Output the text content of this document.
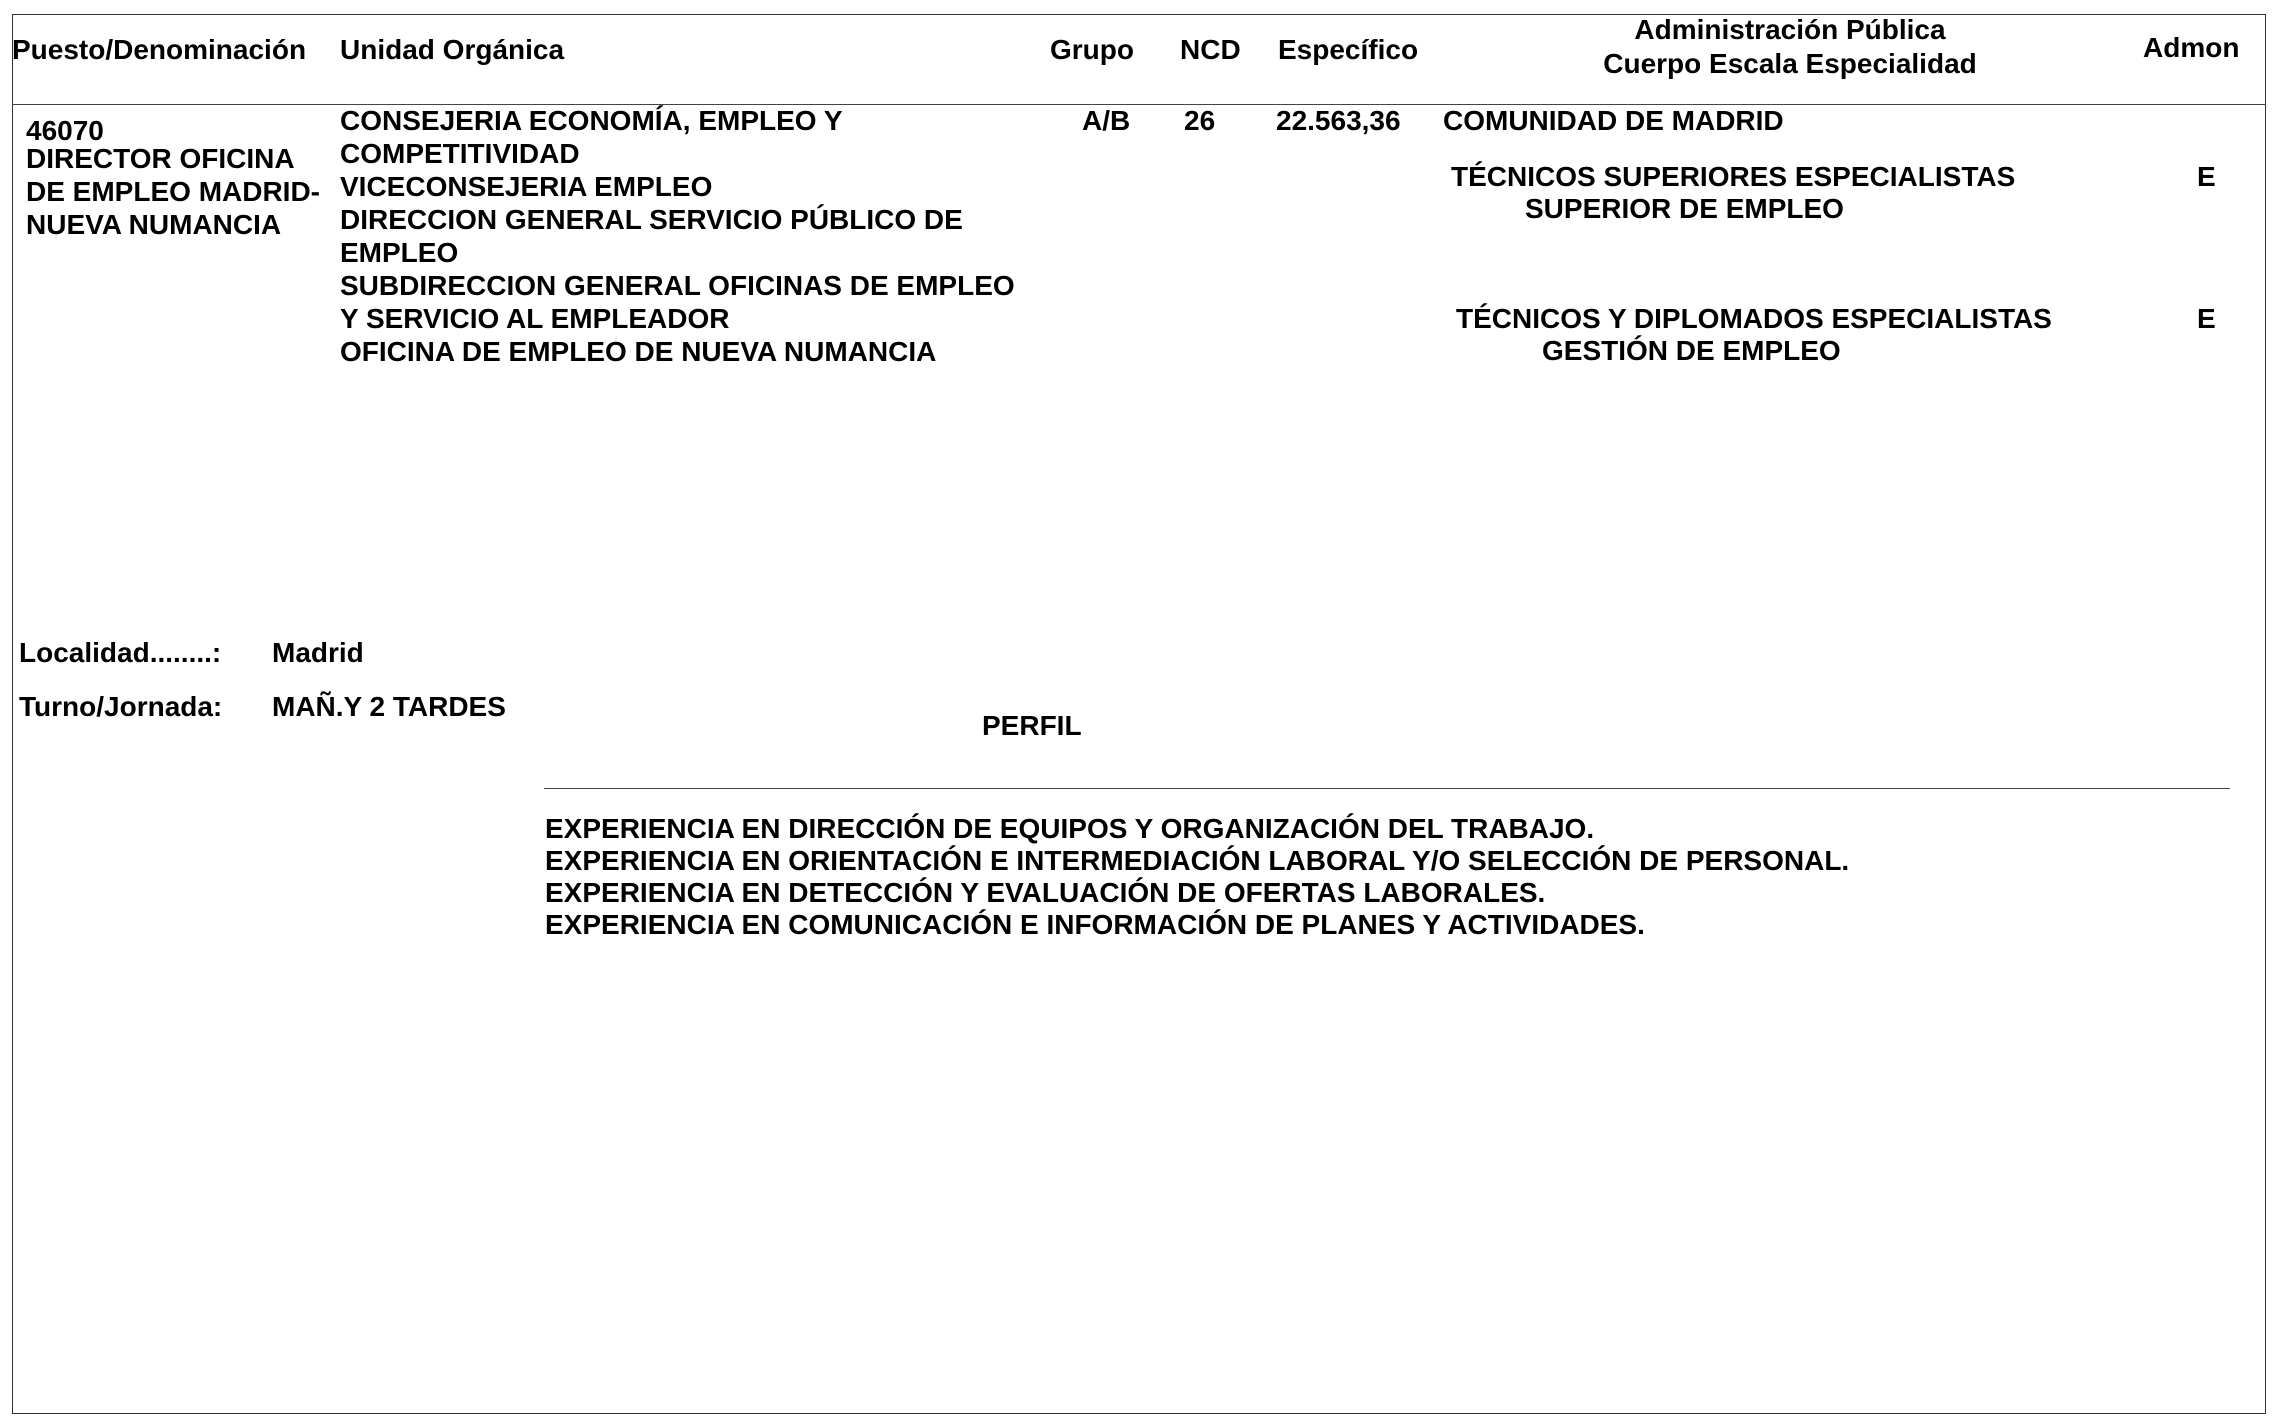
Puesto/Denominación Unidad Orgánica	Grupo NCD Específico
Administración Pública
Cuerpo Escala Especialidad
Admon
46070
DIRECTOR OFICINA
DE EMPLEO MADRID-
NUEVA NUMANCIA
CONSEJERIA ECONOMÍA, EMPLEO Y
COMPETITIVIDAD
VICECONSEJERIA EMPLEO
DIRECCION GENERAL SERVICIO PÚBLICO DE
EMPLEO
SUBDIRECCION GENERAL OFICINAS DE EMPLEO
Y SERVICIO AL EMPLEADOR
OFICINA DE EMPLEO DE NUEVA NUMANCIA
A/B 26 22.563,36 COMUNIDAD DE MADRID
TÉCNICOS SUPERIORES ESPECIALISTAS
SUPERIOR DE EMPLEO
E
TÉCNICOS Y DIPLOMADOS ESPECIALISTAS
GESTIÓN DE EMPLEO
E
Localidad........: Madrid
Turno/Jornada: MAÑ.Y 2 TARDES
PERFIL
EXPERIENCIA EN DIRECCIÓN DE EQUIPOS Y ORGANIZACIÓN DEL TRABAJO.
EXPERIENCIA EN ORIENTACIÓN E INTERMEDIACIÓN LABORAL Y/O SELECCIÓN DE PERSONAL.
EXPERIENCIA EN DETECCIÓN Y EVALUACIÓN DE OFERTAS LABORALES.
EXPERIENCIA EN COMUNICACIÓN E INFORMACIÓN DE PLANES Y ACTIVIDADES.
